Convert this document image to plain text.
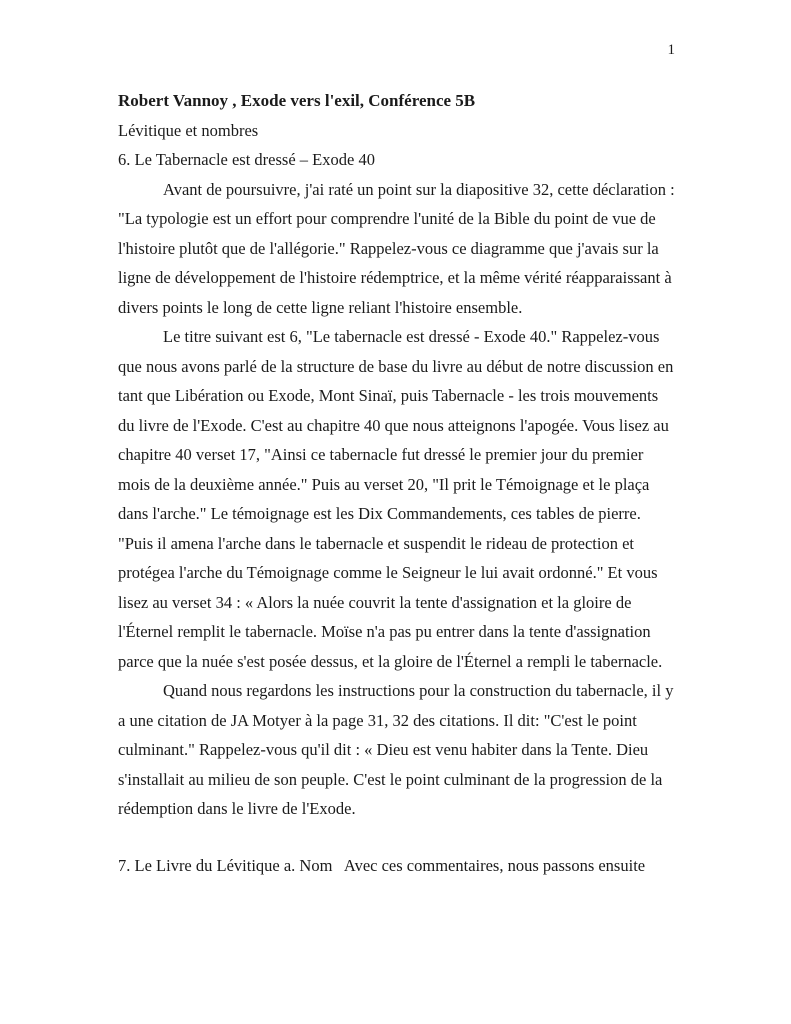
1
Robert Vannoy , Exode vers l'exil, Conférence 5B
Lévitique et nombres
6. Le Tabernacle est dressé – Exode 40

Avant de poursuivre, j'ai raté un point sur la diapositive 32, cette déclaration : "La typologie est un effort pour comprendre l'unité de la Bible du point de vue de l'histoire plutôt que de l'allégorie." Rappelez-vous ce diagramme que j'avais sur la ligne de développement de l'histoire rédemptrice, et la même vérité réapparaissant à divers points le long de cette ligne reliant l'histoire ensemble.

Le titre suivant est 6, "Le tabernacle est dressé - Exode 40." Rappelez-vous que nous avons parlé de la structure de base du livre au début de notre discussion en tant que Libération ou Exode, Mont Sinaï, puis Tabernacle - les trois mouvements du livre de l'Exode. C'est au chapitre 40 que nous atteignons l'apogée. Vous lisez au chapitre 40 verset 17, "Ainsi ce tabernacle fut dressé le premier jour du premier mois de la deuxième année." Puis au verset 20, "Il prit le Témoignage et le plaça dans l'arche." Le témoignage est les Dix Commandements, ces tables de pierre. "Puis il amena l'arche dans le tabernacle et suspendit le rideau de protection et protégea l'arche du Témoignage comme le Seigneur le lui avait ordonné." Et vous lisez au verset 34 : « Alors la nuée couvrit la tente d'assignation et la gloire de l'Éternel remplit le tabernacle. Moïse n'a pas pu entrer dans la tente d'assignation parce que la nuée s'est posée dessus, et la gloire de l'Éternel a rempli le tabernacle.

Quand nous regardons les instructions pour la construction du tabernacle, il y a une citation de JA Motyer à la page 31, 32 des citations. Il dit: "C'est le point culminant." Rappelez-vous qu'il dit : « Dieu est venu habiter dans la Tente. Dieu s'installait au milieu de son peuple. C'est le point culminant de la progression de la rédemption dans le livre de l'Exode.

7. Le Livre du Lévitique a. Nom   Avec ces commentaires, nous passons ensuite
